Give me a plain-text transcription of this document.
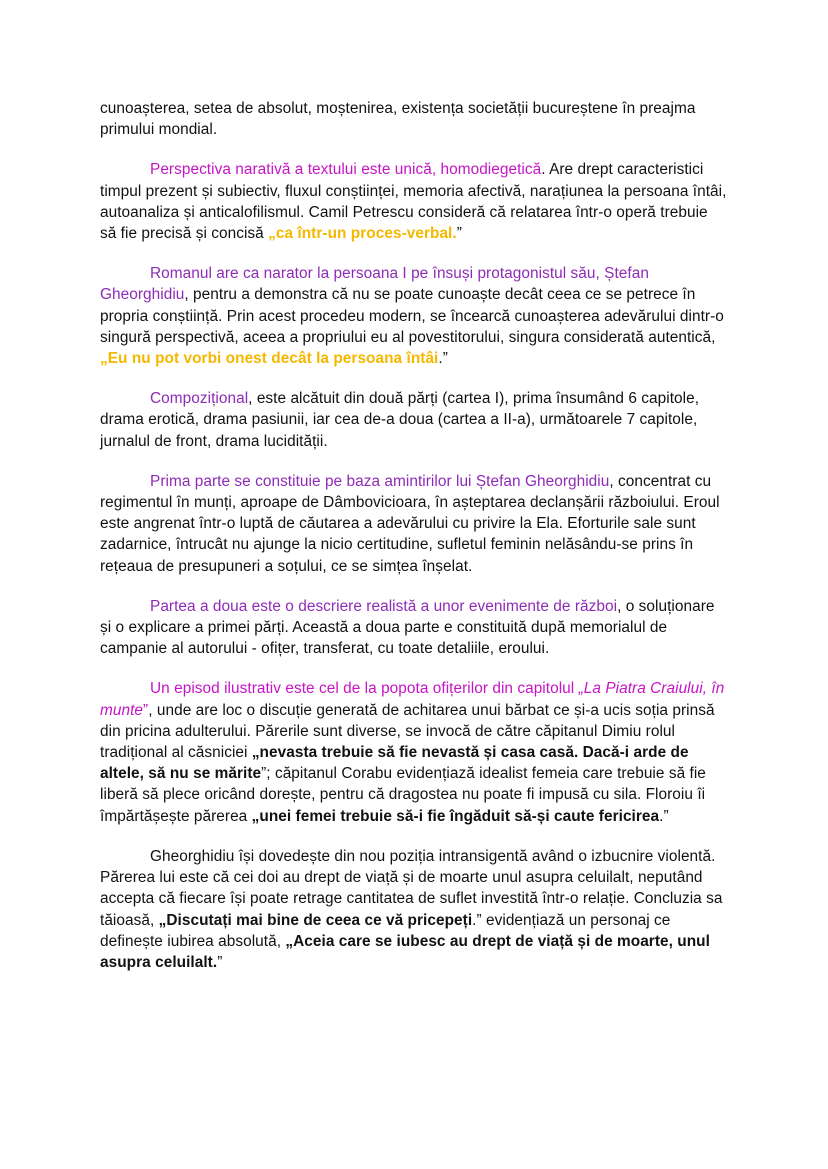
cunoașterea, setea de absolut, moștenirea, existența societății bucureștene în preajma primului mondial.

Perspectiva narativă a textului este unică, homodiegetică. Are drept caracteristici timpul prezent și subiectiv, fluxul conștiinței, memoria afectivă, narațiunea la persoana întâi, autoanaliza și anticalofilismul. Camil Petrescu consideră că relatarea într-o operă trebuie să fie precisă și concisă „ca într-un proces-verbal.”

Romanul are ca narator la persoana I pe însuși protagonistul său, Ștefan Gheorghidiu, pentru a demonstra că nu se poate cunoaște decât ceea ce se petrece în propria conștiință. Prin acest procedeu modern, se încearcă cunoașterea adevărului dintr-o singură perspectivă, aceea a propriului eu al povestitorului, singura considerată autentică, „Eu nu pot vorbi onest decât la persoana întâi.”

Compozițional, este alcătuit din două părți (cartea I), prima însumând 6 capitole, drama erotică, drama pasiunii, iar cea de-a doua (cartea a II-a), următoarele 7 capitole, jurnalul de front, drama lucidității.

Prima parte se constituie pe baza amintirilor lui Ștefan Gheorghidiu, concentrat cu regimentul în munți, aproape de Dâmbovicioara, în așteptarea declanșării războiului. Eroul este angrenat într-o luptă de căutarea a adevărului cu privire la Ela. Eforturile sale sunt zadarnice, întrucât nu ajunge la nicio certitudine, sufletul feminin nelăsându-se prins în rețeaua de presupuneri a soțului, ce se simțea înșelat.

Partea a doua este o descriere realistă a unor evenimente de război, o soluționare și o explicare a primei părți. Această a doua parte e constituită după memorialul de campanie al autorului - ofițer, transferat, cu toate detaliile, eroului.

Un episod ilustrativ este cel de la popota ofițerilor din capitolul „La Piatra Craiului, în munte”, unde are loc o discuție generată de achitarea unui bărbat ce și-a ucis soția prinsă din pricina adulterului. Părerile sunt diverse, se invocă de către căpitanul Dimiu rolul tradițional al căsniciei „nevasta trebuie să fie nevastă și casa casă. Dacă-i arde de altele, să nu se mărite”; căpitanul Corabu evidențiază idealist femeia care trebuie să fie liberă să plece oricând dorește, pentru că dragostea nu poate fi impusă cu sila. Floroiu îi împărtășește părerea „unei femei trebuie să-i fie îngăduit să-și caute fericirea.”

Gheorghidiu își dovedește din nou poziția intransigentă având o izbucnire violentă. Părerea lui este că cei doi au drept de viață și de moarte unul asupra celuilalt, neputând accepta că fiecare își poate retrage cantitatea de suflet investită într-o relație. Concluzia sa tăioasă, „Discutați mai bine de ceea ce vă pricepeți.” evidențiază un personaj ce definește iubirea absolută, „Aceia care se iubesc au drept de viață și de moarte, unul asupra celuilalt.”
